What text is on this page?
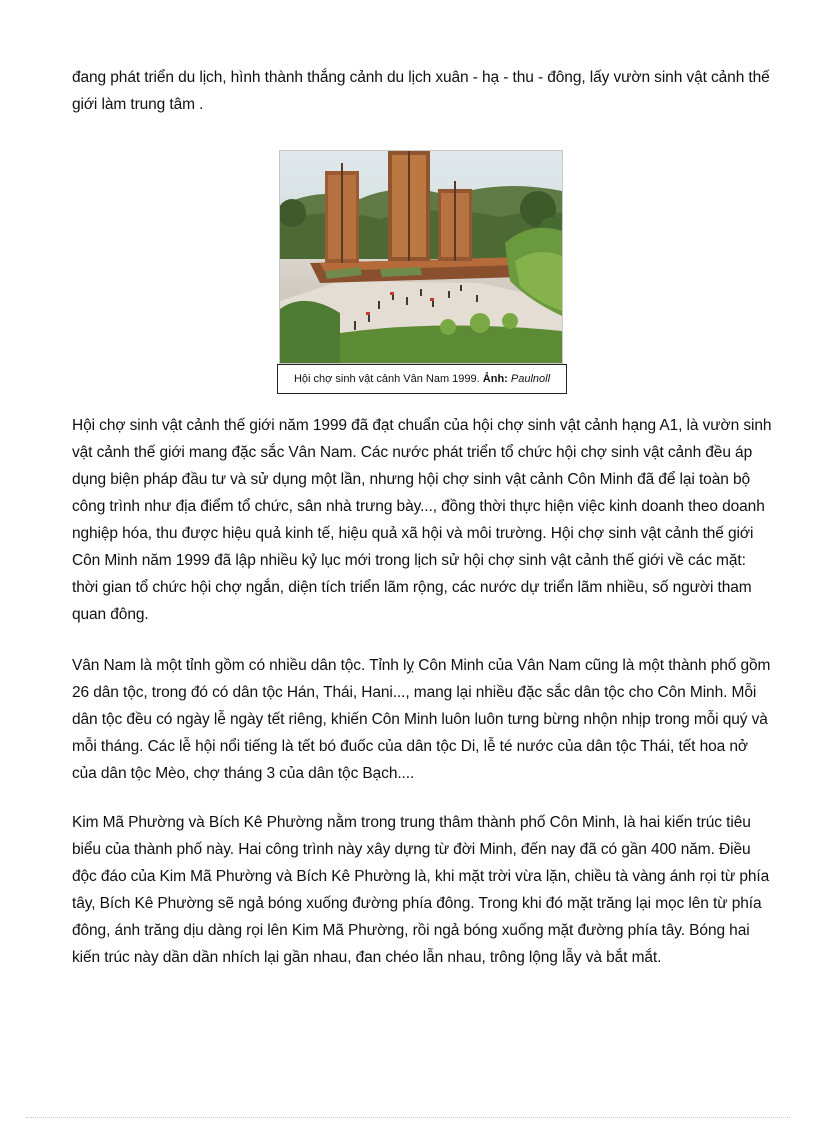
đang phát triển du lịch, hình thành thắng cảnh du lịch xuân - hạ - thu - đông, lấy vườn sinh vật cảnh thế giới làm trung tâm .

Hội chợ sinh vật cảnh Vân Nam 1999. Ảnh: Paulnoll

Hội chợ sinh vật cảnh thế giới năm 1999 đã đạt chuẩn của hội chợ sinh vật cảnh hạng A1, là vườn sinh vật cảnh thế giới mang đặc sắc Vân Nam. Các nước phát triển tổ chức hội chợ sinh vật cảnh đều áp dụng biện pháp đầu tư và sử dụng một lần, nhưng hội chợ sinh vật cảnh Côn Minh đã để lại toàn bộ công trình như địa điểm tổ chức, sân nhà trưng bày..., đồng thời thực hiện việc kinh doanh theo doanh nghiệp hóa, thu được hiệu quả kinh tế, hiệu quả xã hội và môi trường. Hội chợ sinh vật cảnh thế giới Côn Minh năm 1999 đã lập nhiều kỷ lục mới trong lịch sử hội chợ sinh vật cảnh thế giới về các mặt: thời gian tổ chức hội chợ ngắn, diện tích triển lãm rộng, các nước dự triển lãm nhiều, số người tham quan đông.

Vân Nam là một tỉnh gồm có nhiều dân tộc. Tỉnh lỵ Côn Minh của Vân Nam cũng là một thành phố gồm 26 dân tộc, trong đó có dân tộc Hán, Thái, Hani..., mang lại nhiều đặc sắc dân tộc cho Côn Minh. Mỗi dân tộc đều có ngày lễ ngày tết riêng, khiến Côn Minh luôn luôn tưng bừng nhộn nhịp trong mỗi quý và mỗi tháng. Các lễ hội nổi tiếng là tết bó đuốc của dân tộc Di, lễ té nước của dân tộc Thái, tết hoa nở của dân tộc Mèo, chợ tháng 3 của dân tộc Bạch....

Kim Mã Phường và Bích Kê Phường nằm trong trung thâm thành phố Côn Minh, là hai kiến trúc tiêu biểu của thành phố này. Hai công trình này xây dựng từ đời Minh, đến nay đã có gần 400 năm. Điều độc đáo của Kim Mã Phường và Bích Kê Phường là, khi mặt trời vừa lặn, chiều tà vàng ánh rọi từ phía tây, Bích Kê Phường sẽ ngả bóng xuống đường phía đông. Trong khi đó mặt trăng lại mọc lên từ phía đông, ánh trăng dịu dàng rọi lên Kim Mã Phường, rồi ngả bóng xuống mặt đường phía tây. Bóng hai kiến trúc này dần dần nhích lại gần nhau, đan chéo lẫn nhau, trông lộng lẫy và bắt mắt.
